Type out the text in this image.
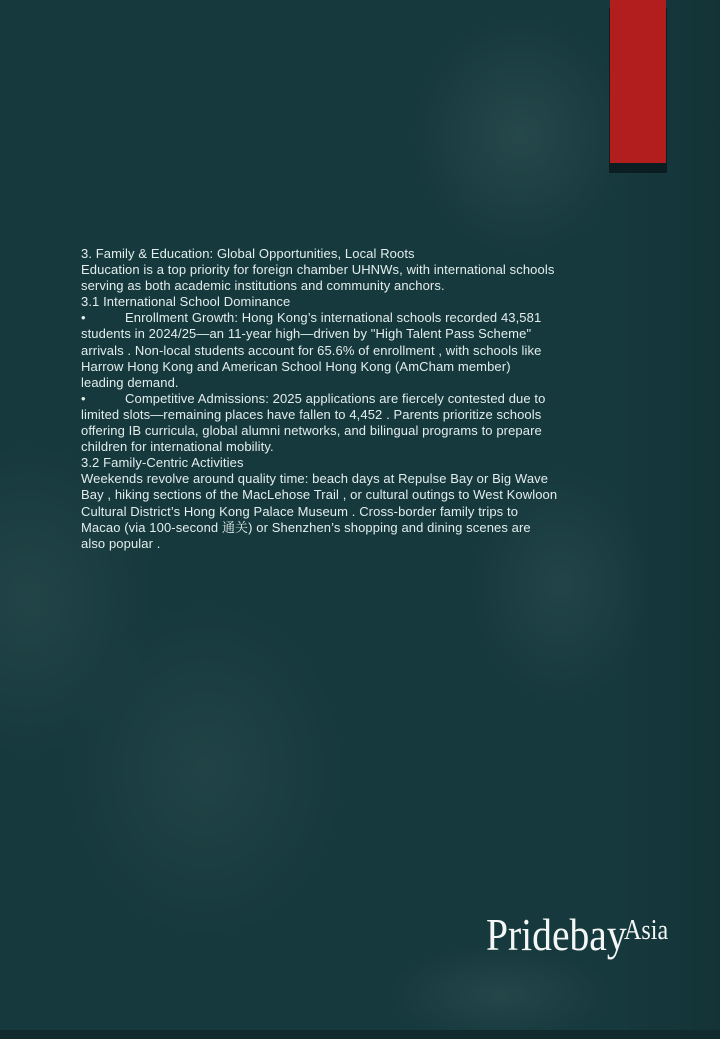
3. Family & Education: Global Opportunities, Local Roots
Education is a top priority for foreign chamber UHNWs, with international schools
serving as both academic institutions and community anchors.
3.1 International School Dominance
•	Enrollment Growth: Hong Kong’s international schools recorded 43,581
students in 2024/25—an 11-year high—driven by "High Talent Pass Scheme"
arrivals . Non-local students account for 65.6% of enrollment , with schools like
Harrow Hong Kong and American School Hong Kong (AmCham member)
leading demand.
•	Competitive Admissions: 2025 applications are fiercely contested due to
limited slots—remaining places have fallen to 4,452 . Parents prioritize schools
offering IB curricula, global alumni networks, and bilingual programs to prepare
children for international mobility.
3.2 Family-Centric Activities
Weekends revolve around quality time: beach days at Repulse Bay or Big Wave
Bay , hiking sections of the MacLehose Trail , or cultural outings to West Kowloon
Cultural District’s Hong Kong Palace Museum . Cross-border family trips to
Macao (via 100-second 通关) or Shenzhen’s shopping and dining scenes are
also popular .
PridebayAsia
